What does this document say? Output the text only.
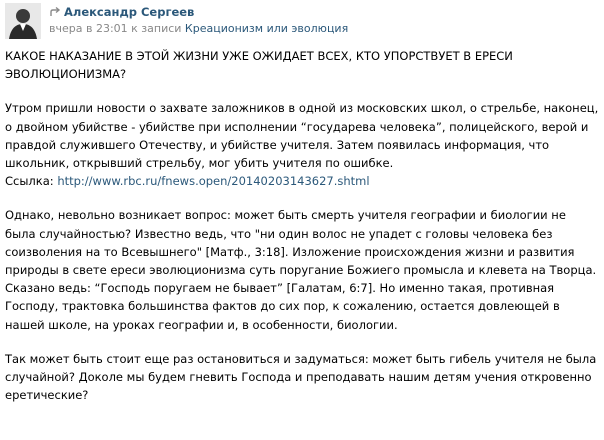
Александр Сергеев
вчера в 23:01 к записи Креационизм или эволюция

КАКОЕ НАКАЗАНИЕ В ЭТОЙ ЖИЗНИ УЖЕ ОЖИДАЕТ ВСЕХ, КТО УПОРСТВУЕТ В ЕРЕСИ ЭВОЛЮЦИОНИЗМА?

Утром пришли новости о захвате заложников в одной из московских школ, о стрельбе, наконец, о двойном убийстве - убийстве при исполнении “государева человека”, полицейского, верой и правдой служившего Отечеству, и убийстве учителя. Затем появилась информация, что школьник, открывший стрельбу, мог убить учителя по ошибке.
Ссылка: http://www.rbc.ru/fnews.open/20140203143627.shtml

Однако, невольно возникает вопрос: может быть смерть учителя географии и биологии не была случайностью? Известно ведь, что "ни один волос не упадет с головы человека без соизволения на то Всевышнего" [Матф., 3:18]. Изложение происхождения жизни и развития природы в свете ереси эволюционизма суть поругание Божиего промысла и клевета на Творца. Сказано ведь: “Господь поругаем не бывает” [Галатам, 6:7]. Но именно такая, противная Господу, трактовка большинства фактов до сих пор, к сожалению, остается довлеющей в нашей школе, на уроках географии и, в особенности, биологии.

Так может быть стоит еще раз остановиться и задуматься: может быть гибель учителя не была случайной? Доколе мы будем гневить Господа и преподавать нашим детям учения откровенно еретические?
